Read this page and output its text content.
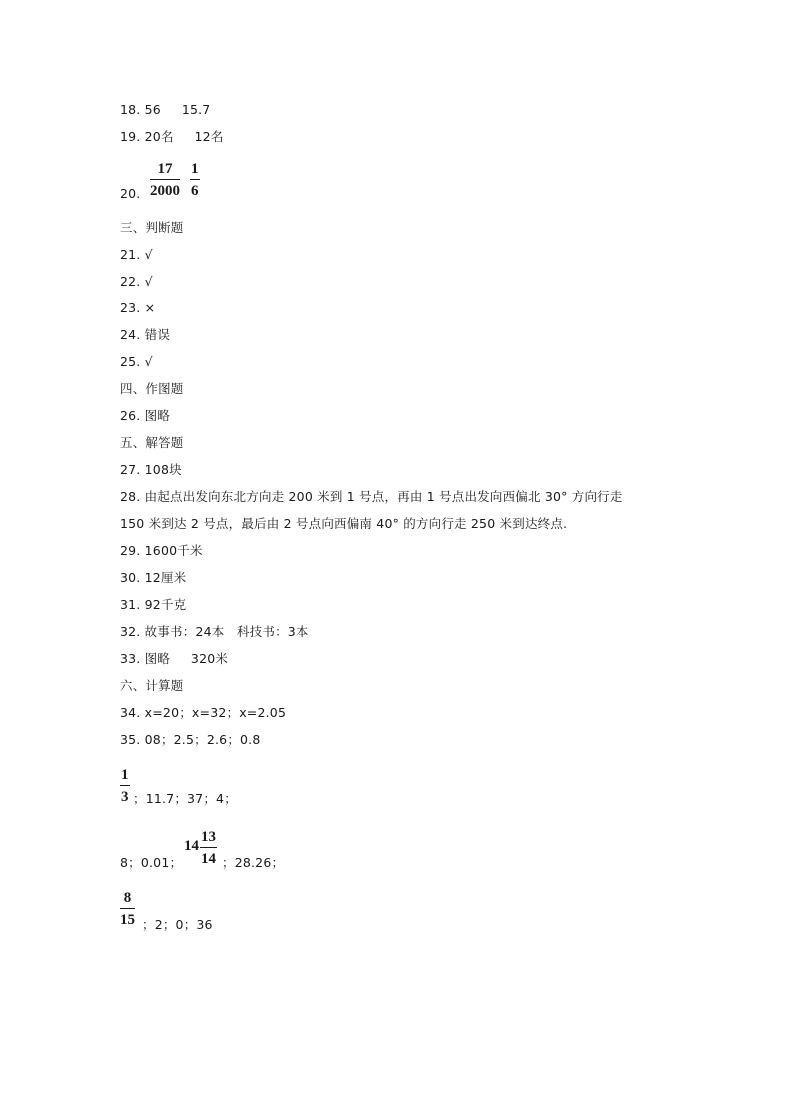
18. 56     15.7
19. 20名     12名
20.
17
2000
1
6
三、判断题
21. √
22. √
23. ×
24. 错误
25. √
四、作图题
26. 图略
五、解答题
27. 108块
28. 由起点出发向东北方向走 200 米到 1 号点，再由 1 号点出发向西偏北 30° 方向行走
150 米到达 2 号点，最后由 2 号点向西偏南 40° 的方向行走 250 米到达终点.
29. 1600千米
30. 12厘米
31. 92千克
32. 故事书：24本   科技书：3本
33. 图略     320米
六、计算题
34. x=20；x=32；x=2.05
35. 08；2.5；2.6；0.8
1
3 ；11.7；37；4；
8；0.01；
14
13
14 ；28.26；
8
15 ；2；0；36
